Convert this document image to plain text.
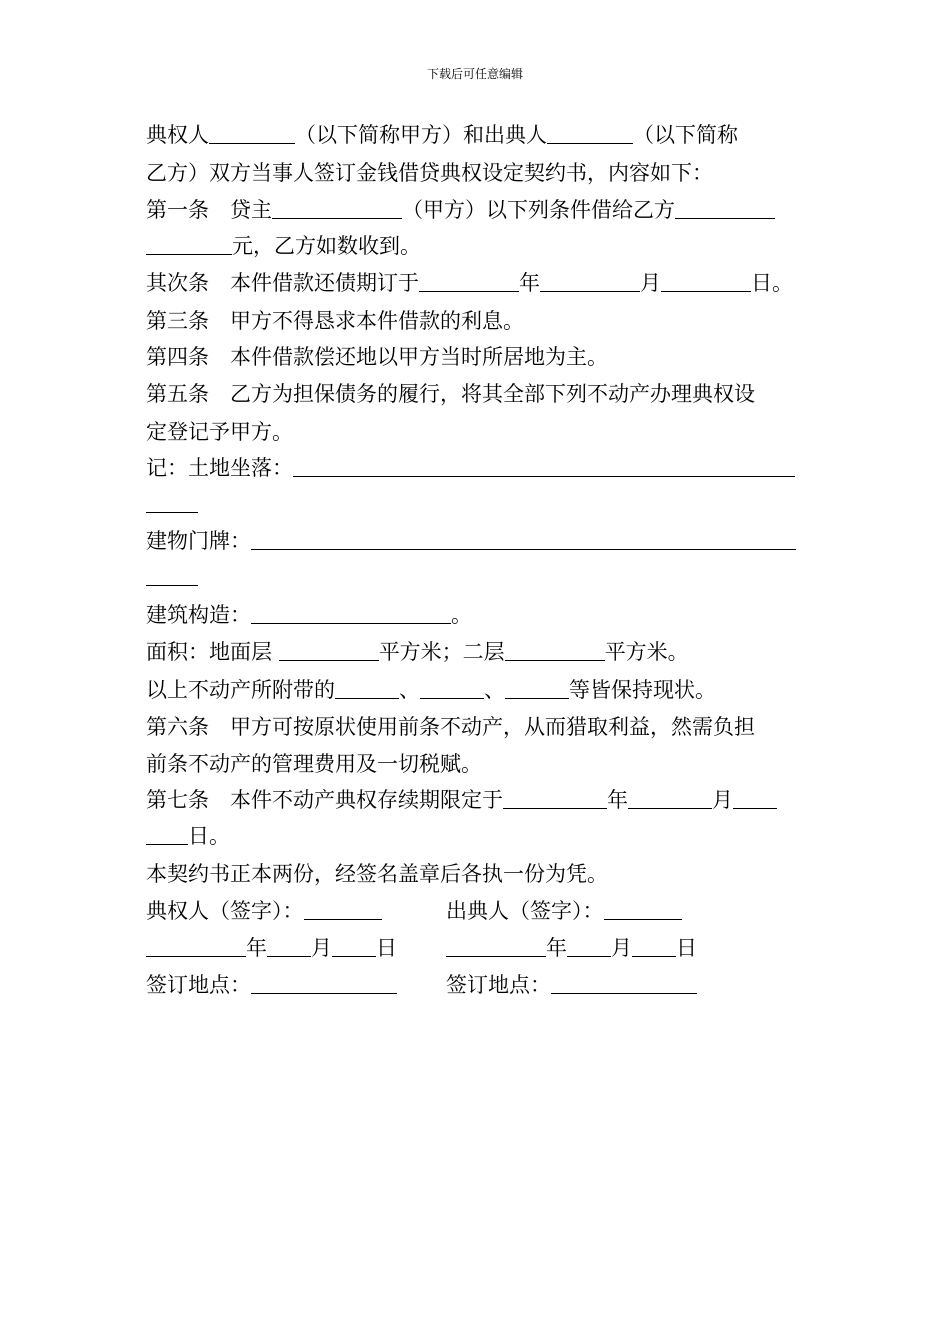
下载后可任意编辑
典权人	（以下简称甲方）和出典人	（以下简称
乙方）双方当事人签订金钱借贷典权设定契约书，内容如下：
第一条　贷主	（甲方）以下列条件借给乙方
元，乙方如数收到。
其次条　本件借款还债期订于	年	月	日。
第三条　甲方不得恳求本件借款的利息。
第四条　本件借款偿还地以甲方当时所居地为主。
第五条　乙方为担保债务的履行，将其全部下列不动产办理典权设
定登记予甲方。
记：土地坐落：
建物门牌：
建筑构造：	。
面积：地面层	平方米；二层	平方米。
以上不动产所附带的	、	、	等皆保持现状。
第六条　甲方可按原状使用前条不动产，从而猎取利益，然需负担
前条不动产的管理费用及一切税赋。
第七条　本件不动产典权存续期限定于	年	月
日。
本契约书正本两份，经签名盖章后各执一份为凭。
典权人（签字）：	出典人（签字）：
年 月 日	年 月 日
签订地点：	签订地点：
